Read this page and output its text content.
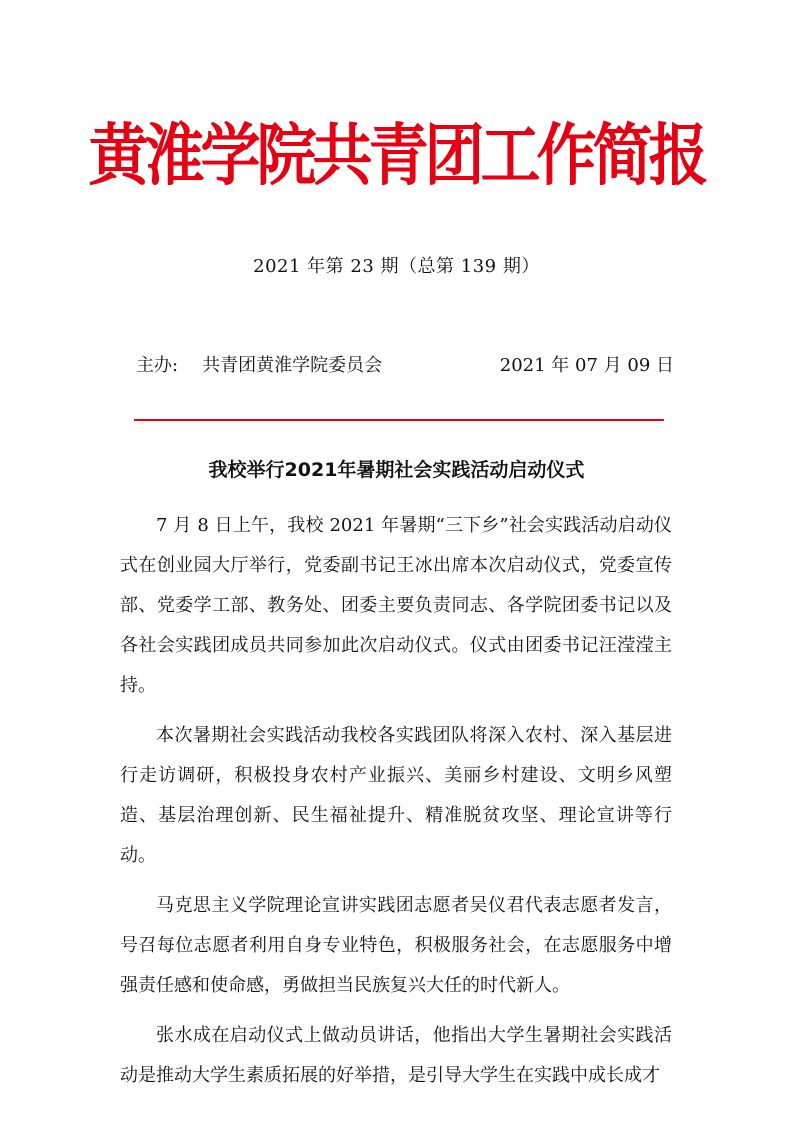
黄淮学院共青团工作简报
2021 年第 23 期（总第 139 期）
主办: 共青团黄淮学院委员会	2021 年 07 月 09 日
我校举行2021年暑期社会实践活动启动仪式

7 月 8 日上午，我校 2021 年暑期“三下乡”社会实践活动启动仪式在创业园大厅举行，党委副书记王冰出席本次启动仪式，党委宣传部、党委学工部、教务处、团委主要负责同志、各学院团委书记以及各社会实践团成员共同参加此次启动仪式。仪式由团委书记汪滢滢主持。

本次暑期社会实践活动我校各实践团队将深入农村、深入基层进行走访调研，积极投身农村产业振兴、美丽乡村建设、文明乡风塑造、基层治理创新、民生福祉提升、精准脱贫攻坚、理论宣讲等行动。

马克思主义学院理论宣讲实践团志愿者吴仪君代表志愿者发言，号召每位志愿者利用自身专业特色，积极服务社会，在志愿服务中增强责任感和使命感，勇做担当民族复兴大任的时代新人。

张水成在启动仪式上做动员讲话，他指出大学生暑期社会实践活动是推动大学生素质拓展的好举措，是引导大学生在实践中成长成才
